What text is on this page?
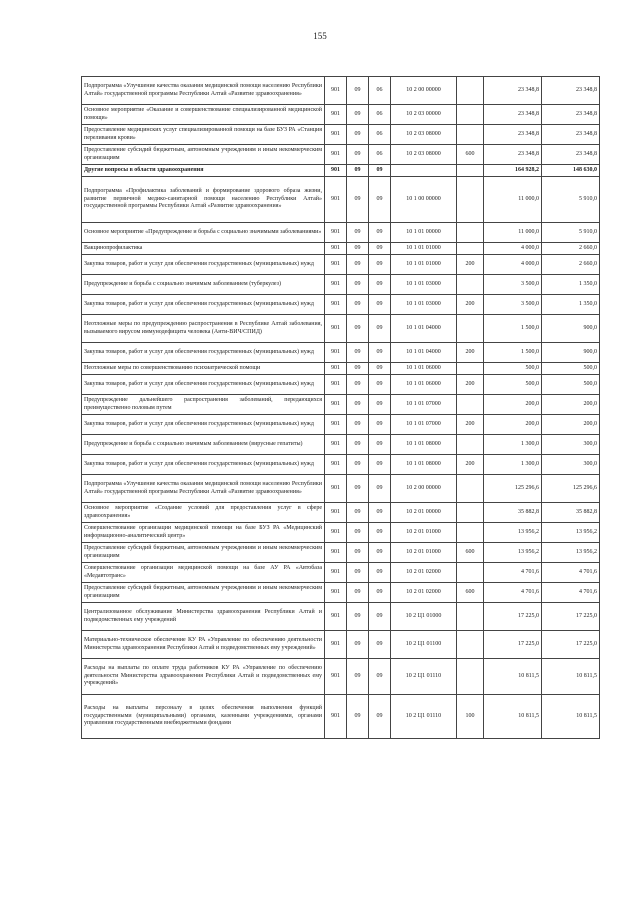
155
Подпрограмма «Улучшение качества оказания медицинской помощи населению Республики Алтай» государственной программы Республики Алтай «Развитие здравоохранения»	901	09	06	10 2 00 00000		23 348,8	23 348,8
Основное мероприятие «Оказание и совершенствование специализированной медицинской помощи»	901	09	06	10 2 03 00000		23 348,8	23 348,8
Предоставление медицинских услуг специализированной помощи на базе БУЗ РА «Станция переливания крови»	901	09	06	10 2 03 08000		23 348,8	23 348,8
Предоставление субсидий бюджетным, автономным учреждениям и иным некоммерческим организациям	901	09	06	10 2 03 08000	600	23 348,8	23 348,8
Другие вопросы в области здравоохранения	901	09	09			164 928,2	148 630,0
Подпрограмма «Профилактика заболеваний и формирование здорового образа жизни, развитие первичной медико-санитарной помощи населению Республики Алтай» государственной программы Республики Алтай «Развитие здравоохранения»	901	09	09	10 1 00 00000		11 000,0	5 910,0
Основное мероприятие «Предупреждение и борьба с социально значимыми заболеваниями»	901	09	09	10 1 01 00000		11 000,0	5 910,0
Вакцинопрофилактика	901	09	09	10 1 01 01000		4 000,0	2 660,0
Закупка товаров, работ и услуг для обеспечения государственных (муниципальных) нужд	901	09	09	10 1 01 01000	200	4 000,0	2 660,0
Предупреждение и борьба с социально значимым заболеванием (туберкулез)	901	09	09	10 1 01 03000		3 500,0	1 350,0
Закупка товаров, работ и услуг для обеспечения государственных (муниципальных) нужд	901	09	09	10 1 01 03000	200	3 500,0	1 350,0
Неотложные меры по предупреждению распространения в Республике Алтай заболевания, вызываемого вирусом иммунодефицита человека (Анти-ВИЧ/СПИД)	901	09	09	10 1 01 04000		1 500,0	900,0
Закупка товаров, работ и услуг для обеспечения государственных (муниципальных) нужд	901	09	09	10 1 01 04000	200	1 500,0	900,0
Неотложные меры по совершенствованию психиатрической помощи	901	09	09	10 1 01 06000		500,0	500,0
Закупка товаров, работ и услуг для обеспечения государственных (муниципальных) нужд	901	09	09	10 1 01 06000	200	500,0	500,0
Предупреждение дальнейшего распространения заболеваний, передающихся преимущественно половым путем	901	09	09	10 1 01 07000		200,0	200,0
Закупка товаров, работ и услуг для обеспечения государственных (муниципальных) нужд	901	09	09	10 1 01 07000	200	200,0	200,0
Предупреждение и борьба с социально значимым заболеванием (вирусные гепатиты)	901	09	09	10 1 01 08000		1 300,0	300,0
Закупка товаров, работ и услуг для обеспечения государственных (муниципальных) нужд	901	09	09	10 1 01 08000	200	1 300,0	300,0
Подпрограмма «Улучшение качества оказания медицинской помощи населению Республики Алтай» государственной программы Республики Алтай «Развитие здравоохранения»	901	09	09	10 2 00 00000		125 296,6	125 296,6
Основное мероприятие «Создание условий для предоставления услуг в сфере здравоохранения»	901	09	09	10 2 01 00000		35 882,8	35 882,8
Совершенствование организации медицинской помощи на базе БУЗ РА «Медицинский информационно-аналитический центр»	901	09	09	10 2 01 01000		13 956,2	13 956,2
Предоставление субсидий бюджетным, автономным учреждениям и иным некоммерческим организациям	901	09	09	10 2 01 01000	600	13 956,2	13 956,2
Совершенствование организации медицинской помощи на базе АУ РА «Автобаза «Медавтотранс»	901	09	09	10 2 01 02000		4 701,6	4 701,6
Предоставление субсидий бюджетным, автономным учреждениям и иным некоммерческим организациям	901	09	09	10 2 01 02000	600	4 701,6	4 701,6
Централизованное обслуживание Министерства здравоохранения Республики Алтай и подведомственных ему учреждений	901	09	09	10 2 Ц1 01000		17 225,0	17 225,0
Материально-техническое обеспечение КУ РА «Управление по обеспечению деятельности Министерства здравоохранения Республики Алтай и подведомственных ему учреждений»	901	09	09	10 2 Ц1 01100		17 225,0	17 225,0
Расходы на выплаты по оплате труда работников КУ РА «Управление по обеспечению деятельности Министерства здравоохранения Республики Алтай и подведомственных ему учреждений»	901	09	09	10 2 Ц1 01110		10 811,5	10 811,5
Расходы на выплаты персоналу в целях обеспечения выполнения функций государственными (муниципальными) органами, казенными учреждениями, органами управления государственными внебюджетными фондами	901	09	09	10 2 Ц1 01110	100	10 811,5	10 811,5
